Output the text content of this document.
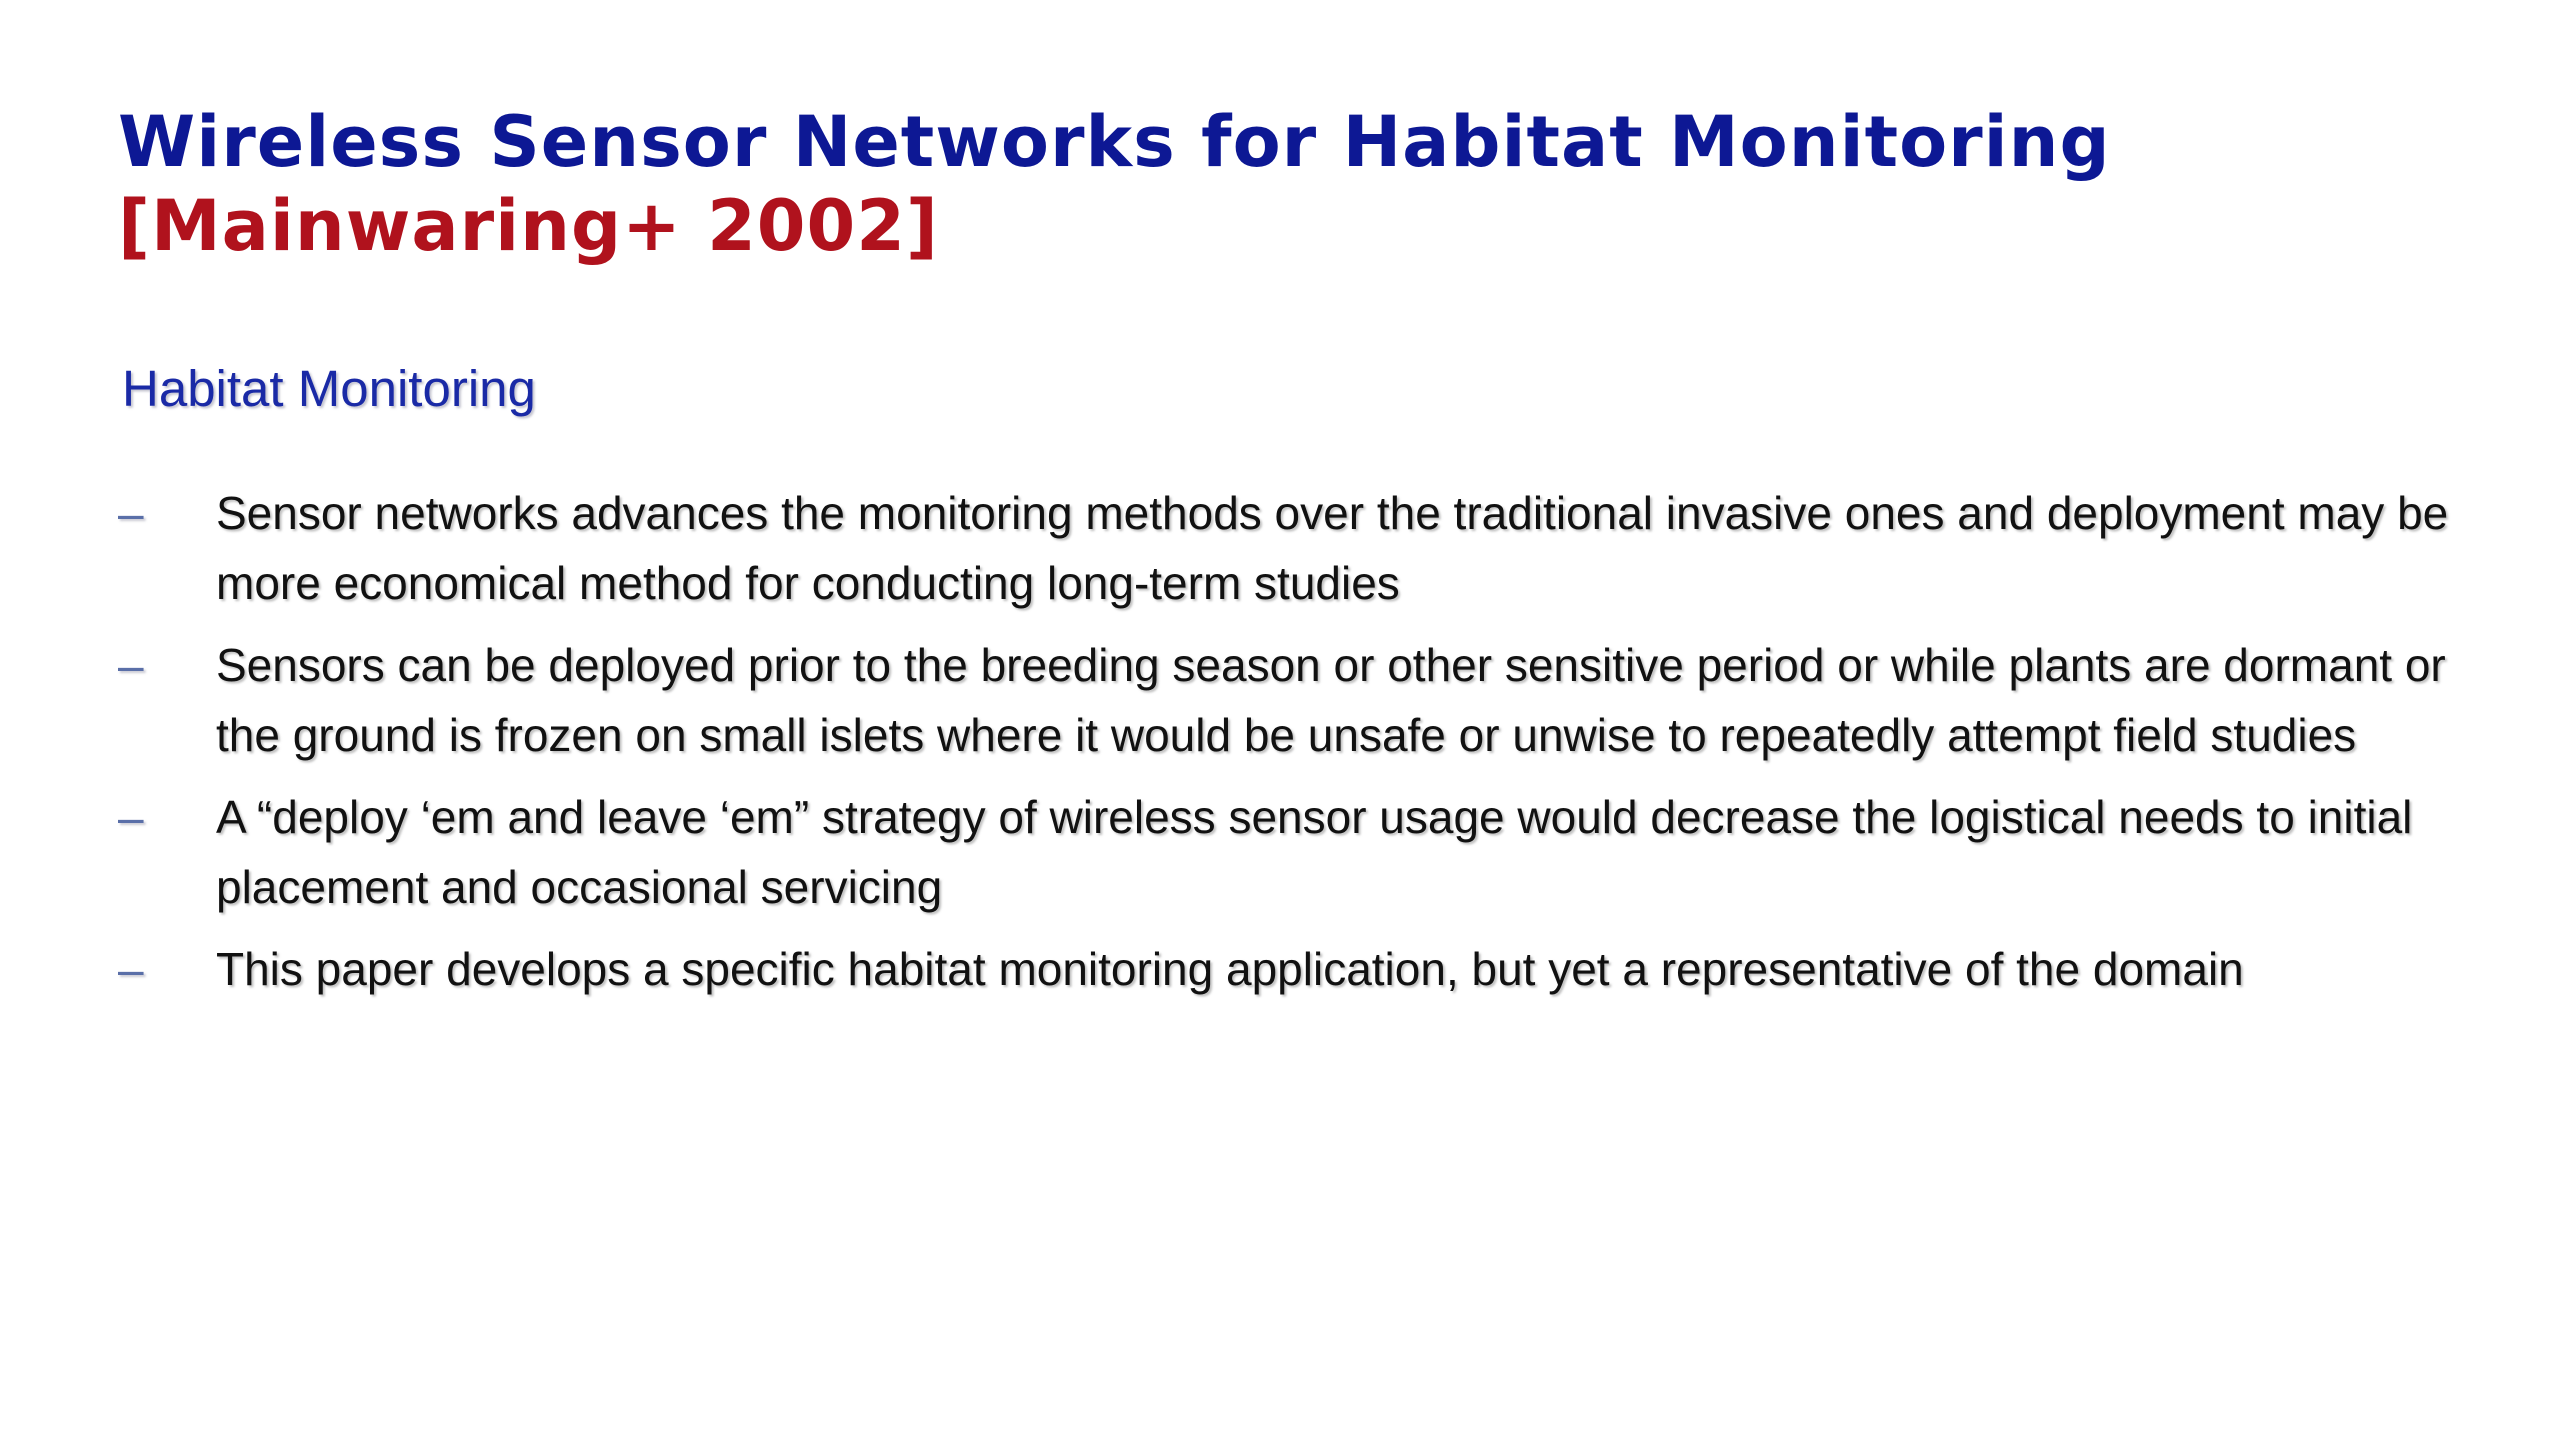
Wireless Sensor Networks for Habitat Monitoring
[Mainwaring+ 2002]
Habitat Monitoring
–	Sensor networks advances the monitoring methods over the traditional invasive ones and deployment may be more economical method for conducting long-term studies
–	Sensors can be deployed prior to the breeding season or other sensitive period or while plants are dormant or the ground is frozen on small islets where it would be unsafe or unwise to repeatedly attempt field studies
–	A “deploy ‘em and leave ‘em” strategy of wireless sensor usage would decrease the logistical needs to initial placement and occasional servicing
–	This paper develops a specific habitat monitoring application, but yet a representative of the domain
